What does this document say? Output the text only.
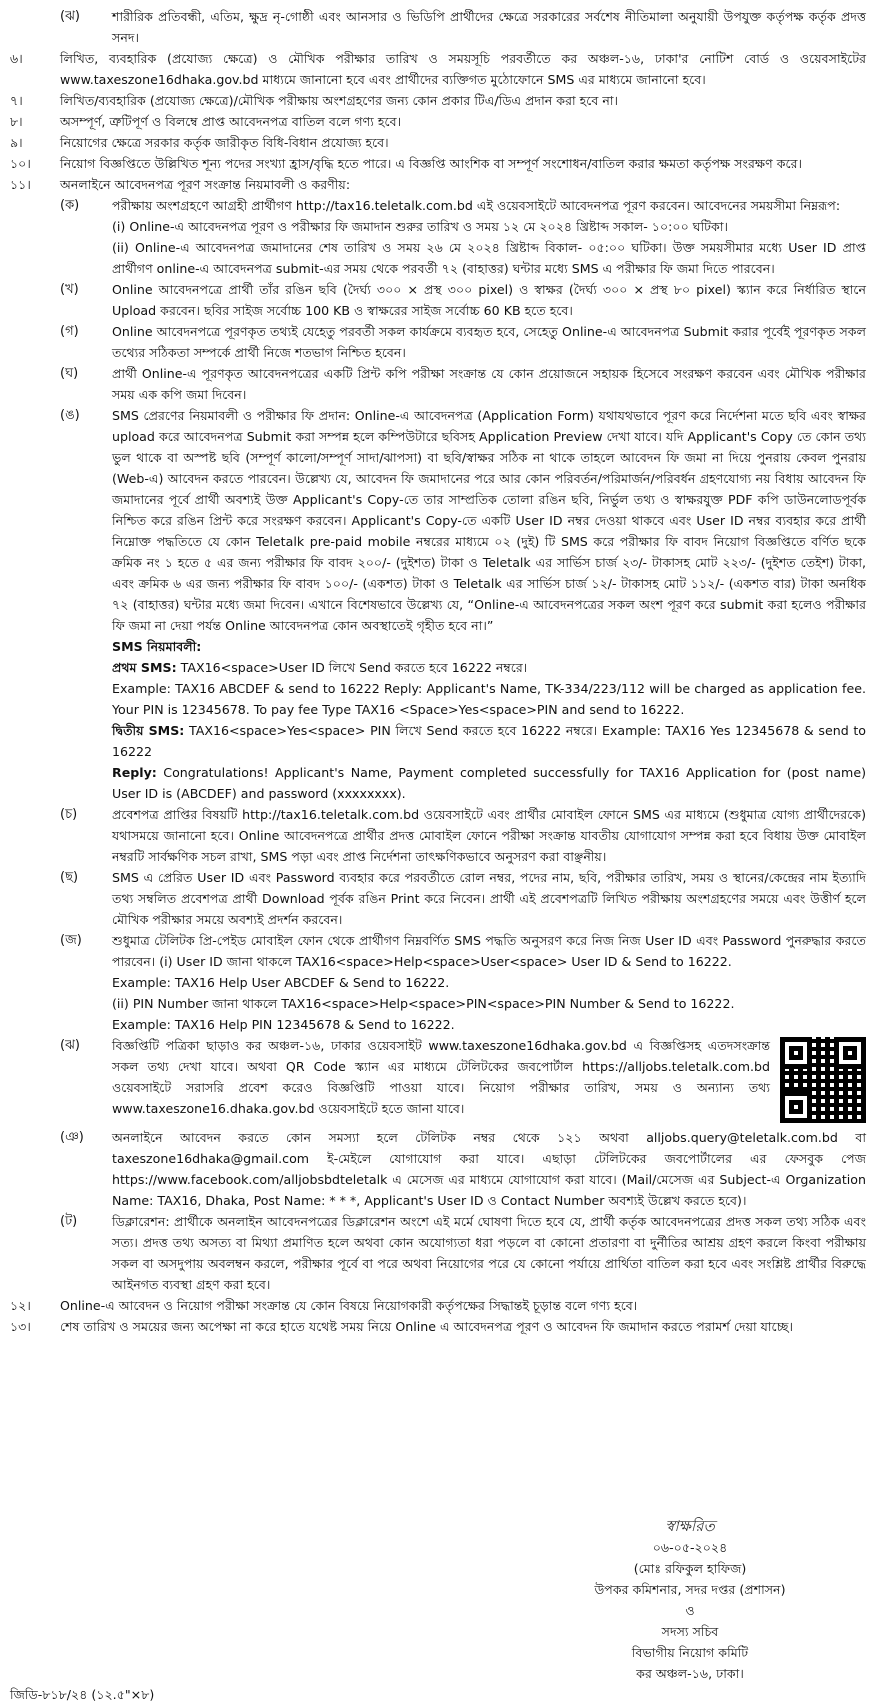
(ঝ)	শারীরিক প্রতিবন্ধী, এতিম, ক্ষুদ্র নৃ-গোষ্ঠী এবং আনসার ও ভিডিপি প্রার্থীদের ক্ষেত্রে সরকারের সর্বশেষ নীতিমালা অনুযায়ী উপযুক্ত কর্তৃপক্ষ কর্তৃক প্রদত্ত সনদ।

৬।	লিখিত, ব্যবহারিক (প্রযোজ্য ক্ষেত্রে) ও মৌখিক পরীক্ষার তারিখ ও সময়সূচি পরবর্তীতে কর অঞ্চল-১৬, ঢাকা'র নোটিশ বোর্ড ও ওয়েবসাইটের www.taxeszone16dhaka.gov.bd মাধ্যমে জানানো হবে এবং প্রার্থীদের ব্যক্তিগত মুঠোফোনে SMS এর মাধ্যমে জানানো হবে।

৭।	লিখিত/ব্যবহারিক (প্রযোজ্য ক্ষেত্রে)/মৌখিক পরীক্ষায় অংশগ্রহণের জন্য কোন প্রকার টিএ/ডিএ প্রদান করা হবে না।

৮।	অসম্পূর্ণ, ত্রুটিপূর্ণ ও বিলম্বে প্রাপ্ত আবেদনপত্র বাতিল বলে গণ্য হবে।

৯।	নিয়োগের ক্ষেত্রে সরকার কর্তৃক জারীকৃত বিধি-বিধান প্রযোজ্য হবে।

১০।	নিয়োগ বিজ্ঞপ্তিতে উল্লিখিত শূন্য পদের সংখ্যা হ্রাস/বৃদ্ধি হতে পারে। এ বিজ্ঞপ্তি আংশিক বা সম্পূর্ণ সংশোধন/বাতিল করার ক্ষমতা কর্তৃপক্ষ সংরক্ষণ করে।

১১।	অনলাইনে আবেদনপত্র পূরণ সংক্রান্ত নিয়মাবলী ও করণীয়:

(ক)	পরীক্ষায় অংশগ্রহণে আগ্রহী প্রার্থীগণ http://tax16.teletalk.com.bd এই ওয়েবসাইটে আবেদনপত্র পূরণ করবেন। আবেদনের সময়সীমা নিম্নরূপ:

(i) Online-এ আবেদনপত্র পূরণ ও পরীক্ষার ফি জমাদান শুরুর তারিখ ও সময় ১২ মে ২০২৪ খ্রিষ্টাব্দ সকাল- ১০:০০ ঘটিকা।

(ii) Online-এ আবেদনপত্র জমাদানের শেষ তারিখ ও সময় ২৬ মে ২০২৪ খ্রিষ্টাব্দ বিকাল- ০৫:০০ ঘটিকা। উক্ত সময়সীমার মধ্যে User ID প্রাপ্ত প্রার্থীগণ online-এ আবেদনপত্র submit-এর সময় থেকে পরবর্তী ৭২ (বাহাত্তর) ঘন্টার মধ্যে SMS এ পরীক্ষার ফি জমা দিতে পারবেন।

(খ)	Online আবেদনপত্রে প্রার্থী তাঁর রঙিন ছবি (দৈর্ঘ্য ৩০০ × প্রস্থ ৩০০ pixel) ও স্বাক্ষর (দৈর্ঘ্য ৩০০ × প্রস্থ ৮০ pixel) স্ক্যান করে নির্ধারিত স্থানে Upload করবেন। ছবির সাইজ সর্বোচ্চ 100 KB ও স্বাক্ষরের সাইজ সর্বোচ্চ 60 KB হতে হবে।

(গ)	Online আবেদনপত্রে পূরণকৃত তথ্যই যেহেতু পরবর্তী সকল কার্যক্রমে ব্যবহৃত হবে, সেহেতু Online-এ আবেদনপত্র Submit করার পূর্বেই পূরণকৃত সকল তথ্যের সঠিকতা সম্পর্কে প্রার্থী নিজে শতভাগ নিশ্চিত হবেন।

(ঘ)	প্রার্থী Online-এ পূরণকৃত আবেদনপত্রের একটি প্রিন্ট কপি পরীক্ষা সংক্রান্ত যে কোন প্রয়োজনে সহায়ক হিসেবে সংরক্ষণ করবেন এবং মৌখিক পরীক্ষার সময় এক কপি জমা দিবেন।

(ঙ)	SMS প্রেরণের নিয়মাবলী ও পরীক্ষার ফি প্রদান: Online-এ আবেদনপত্র (Application Form) যথাযথভাবে পূরণ করে নির্দেশনা মতে ছবি এবং স্বাক্ষর upload করে আবেদনপত্র Submit করা সম্পন্ন হলে কম্পিউটারে ছবিসহ Application Preview দেখা যাবে। যদি Applicant's Copy তে কোন তথ্য ভুল থাকে বা অস্পষ্ট ছবি (সম্পূর্ণ কালো/সম্পূর্ণ সাদা/ঝাপসা) বা ছবি/স্বাক্ষর সঠিক না থাকে তাহলে আবেদন ফি জমা না দিয়ে পুনরায় কেবল পুনরায় (Web-এ) আবেদন করতে পারবেন। উল্লেখ্য যে, আবেদন ফি জমাদানের পরে আর কোন পরিবর্তন/পরিমার্জন/পরিবর্ধন গ্রহণযোগ্য নয় বিধায় আবেদন ফি জমাদানের পূর্বে প্রার্থী অবশ্যই উক্ত Applicant's Copy-তে তার সাম্প্রতিক তোলা রঙিন ছবি, নির্ভুল তথ্য ও স্বাক্ষরযুক্ত PDF কপি ডাউনলোডপূর্বক নিশ্চিত করে রঙিন প্রিন্ট করে সংরক্ষণ করবেন। Applicant's Copy-তে একটি User ID নম্বর দেওয়া থাকবে এবং User ID নম্বর ব্যবহার করে প্রার্থী নিম্নোক্ত পদ্ধতিতে যে কোন Teletalk pre-paid mobile নম্বরের মাধ্যমে ০২ (দুই) টি SMS করে পরীক্ষার ফি বাবদ নিয়োগ বিজ্ঞপ্তিতে বর্ণিত ছকে ক্রমিক নং ১ হতে ৫ এর জন্য পরীক্ষার ফি বাবদ ২০০/- (দুইশত) টাকা ও Teletalk এর সার্ভিস চার্জ ২৩/- টাকাসহ মোট ২২৩/- (দুইশত তেইশ) টাকা, এবং ক্রমিক ৬ এর জন্য পরীক্ষার ফি বাবদ ১০০/- (একশত) টাকা ও Teletalk এর সার্ভিস চার্জ ১২/- টাকাসহ মোট ১১২/- (একশত বার) টাকা অনধিক ৭২ (বাহাত্তর) ঘন্টার মধ্যে জমা দিবেন। এখানে বিশেষভাবে উল্লেখ্য যে, “Online-এ আবেদনপত্রের সকল অংশ পূরণ করে submit করা হলেও পরীক্ষার ফি জমা না দেয়া পর্যন্ত Online আবেদনপত্র কোন অবস্থাতেই গৃহীত হবে না।”

SMS নিয়মাবলী:

প্রথম SMS: TAX16<space>User ID লিখে Send করতে হবে 16222 নম্বরে।

Example: TAX16 ABCDEF & send to 16222 Reply: Applicant's Name, TK-334/223/112 will be charged as application fee. Your PIN is 12345678. To pay fee Type TAX16 <Space>Yes<space>PIN and send to 16222.

দ্বিতীয় SMS: TAX16<space>Yes<space> PIN লিখে Send করতে হবে 16222 নম্বরে। Example: TAX16 Yes 12345678 & send to 16222

Reply: Congratulations! Applicant's Name, Payment completed successfully for TAX16 Application for (post name) User ID is (ABCDEF) and password (xxxxxxxx).

(চ)	প্রবেশপত্র প্রাপ্তির বিষয়টি http://tax16.teletalk.com.bd ওয়েবসাইটে এবং প্রার্থীর মোবাইল ফোনে SMS এর মাধ্যমে (শুধুমাত্র যোগ্য প্রার্থীদেরকে) যথাসময়ে জানানো হবে। Online আবেদনপত্রে প্রার্থীর প্রদত্ত মোবাইল ফোনে পরীক্ষা সংক্রান্ত যাবতীয় যোগাযোগ সম্পন্ন করা হবে বিধায় উক্ত মোবাইল নম্বরটি সার্বক্ষণিক সচল রাখা, SMS পড়া এবং প্রাপ্ত নির্দেশনা তাৎক্ষণিকভাবে অনুসরণ করা বাঞ্ছনীয়।

(ছ)	SMS এ প্রেরিত User ID এবং Password ব্যবহার করে পরবর্তীতে রোল নম্বর, পদের নাম, ছবি, পরীক্ষার তারিখ, সময় ও স্থানের/কেন্দ্রের নাম ইত্যাদি তথ্য সম্বলিত প্রবেশপত্র প্রার্থী Download পূর্বক রঙিন Print করে নিবেন। প্রার্থী এই প্রবেশপত্রটি লিখিত পরীক্ষায় অংশগ্রহণের সময়ে এবং উত্তীর্ণ হলে মৌখিক পরীক্ষার সময়ে অবশ্যই প্রদর্শন করবেন।

(জ)	শুধুমাত্র টেলিটক প্রি-পেইড মোবাইল ফোন থেকে প্রার্থীগণ নিম্নবর্ণিত SMS পদ্ধতি অনুসরণ করে নিজ নিজ User ID এবং Password পুনরুদ্ধার করতে পারবেন। (i) User ID জানা থাকলে TAX16<space>Help<space>User<space> User ID & Send to 16222.

Example: TAX16 Help User ABCDEF & Send to 16222.

(ii) PIN Number জানা থাকলে TAX16<space>Help<space>PIN<space>PIN Number & Send to 16222.

Example: TAX16 Help PIN 12345678 & Send to 16222.

(ঝ)	বিজ্ঞপ্তিটি পত্রিকা ছাড়াও কর অঞ্চল-১৬, ঢাকার ওয়েবসাইট www.taxeszone16dhaka.gov.bd এ বিজ্ঞপ্তিসহ এতদসংক্রান্ত সকল তথ্য দেখা যাবে। অথবা QR Code স্ক্যান এর মাধ্যমে টেলিটকের জবপোর্টাল https://alljobs.teletalk.com.bd ওয়েবসাইটে সরাসরি প্রবেশ করেও বিজ্ঞপ্তিটি পাওয়া যাবে। নিয়োগ পরীক্ষার তারিখ, সময় ও অন্যান্য তথ্য www.taxeszone16.dhaka.gov.bd ওয়েবসাইটে হতে জানা যাবে।

(ঞ)	অনলাইনে আবেদন করতে কোন সমস্যা হলে টেলিটক নম্বর থেকে ১২১ অথবা alljobs.query@teletalk.com.bd বা taxeszone16dhaka@gmail.com ই-মেইলে যোগাযোগ করা যাবে। এছাড়া টেলিটকের জবপোর্টালের এর ফেসবুক পেজ https://www.facebook.com/alljobsbdteletalk এ মেসেজ এর মাধ্যমে যোগাযোগ করা যাবে। (Mail/মেসেজ এর Subject-এ Organization Name: TAX16, Dhaka, Post Name: * * *, Applicant's User ID ও Contact Number অবশ্যই উল্লেখ করতে হবে)।

(ট)	ডিক্লারেশন: প্রার্থীকে অনলাইন আবেদনপত্রের ডিক্লারেশন অংশে এই মর্মে ঘোষণা দিতে হবে যে, প্রার্থী কর্তৃক আবেদনপত্রের প্রদত্ত সকল তথ্য সঠিক এবং সত্য। প্রদত্ত তথ্য অসত্য বা মিথ্যা প্রমাণিত হলে অথবা কোন অযোগ্যতা ধরা পড়লে বা কোনো প্রতারণা বা দুর্নীতির আশ্রয় গ্রহণ করলে কিংবা পরীক্ষায় সকল বা অসদুপায় অবলম্বন করলে, পরীক্ষার পূর্বে বা পরে অথবা নিয়োগের পরে যে কোনো পর্যায়ে প্রার্থিতা বাতিল করা হবে এবং সংশ্লিষ্ট প্রার্থীর বিরুদ্ধে আইনগত ব্যবস্থা গ্রহণ করা হবে।

১২।	Online-এ আবেদন ও নিয়োগ পরীক্ষা সংক্রান্ত যে কোন বিষয়ে নিয়োগকারী কর্তৃপক্ষের সিদ্ধান্তই চূড়ান্ত বলে গণ্য হবে।

১৩।	শেষ তারিখ ও সময়ের জন্য অপেক্ষা না করে হাতে যথেষ্ট সময় নিয়ে Online এ আবেদনপত্র পূরণ ও আবেদন ফি জমাদান করতে পরামর্শ দেয়া যাচ্ছে।

স্বাক্ষরিত
০৬-০৫-২০২৪
(মোঃ রফিকুল হাফিজ)
উপকর কমিশনার, সদর দপ্তর (প্রশাসন)
ও
সদস্য সচিব
বিভাগীয় নিয়োগ কমিটি
কর অঞ্চল-১৬, ঢাকা।
জিডি-৮১৮/২৪ (১২.৫"×৮)
